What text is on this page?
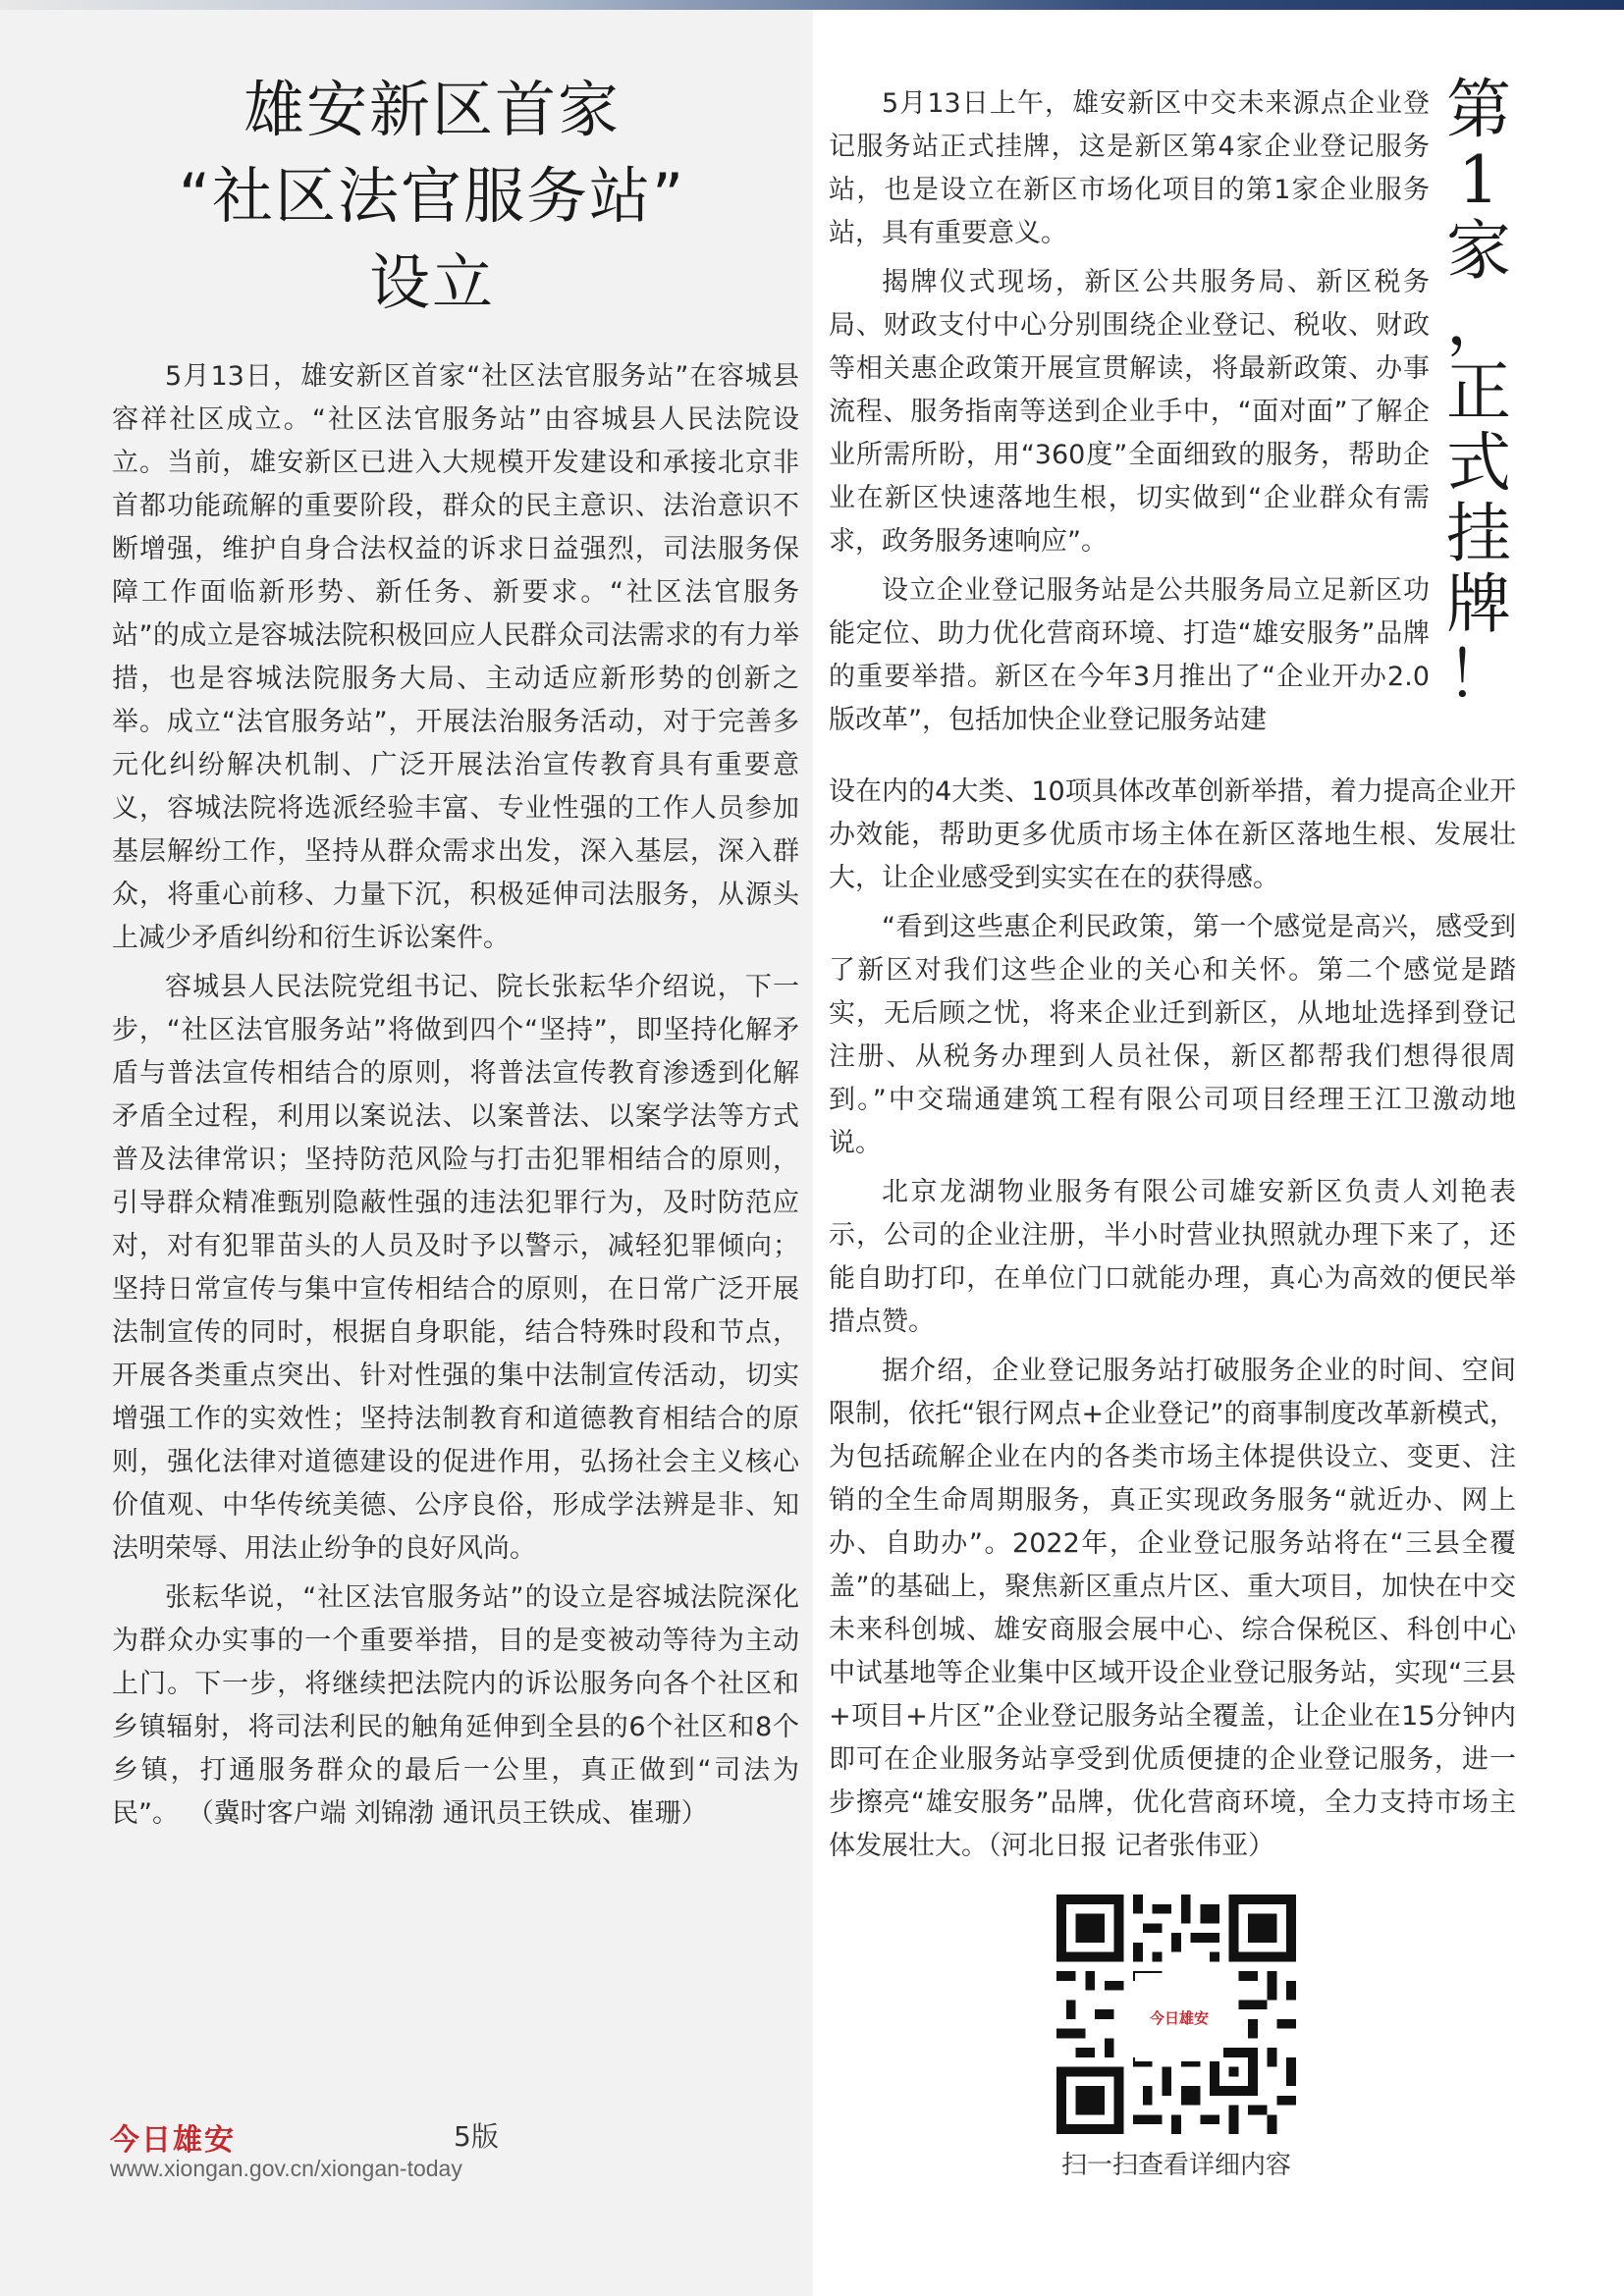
雄安新区首家
“社区法官服务站”
设立

5月13日，雄安新区首家“社区法官服务站”在容城县容祥社区成立。“社区法官服务站”由容城县人民法院设立。当前，雄安新区已进入大规模开发建设和承接北京非首都功能疏解的重要阶段，群众的民主意识、法治意识不断增强，维护自身合法权益的诉求日益强烈，司法服务保障工作面临新形势、新任务、新要求。“社区法官服务站”的成立是容城法院积极回应人民群众司法需求的有力举措，也是容城法院服务大局、主动适应新形势的创新之举。成立“法官服务站”，开展法治服务活动，对于完善多元化纠纷解决机制、广泛开展法治宣传教育具有重要意义，容城法院将选派经验丰富、专业性强的工作人员参加基层解纷工作，坚持从群众需求出发，深入基层，深入群众，将重心前移、力量下沉，积极延伸司法服务，从源头上减少矛盾纠纷和衍生诉讼案件。

容城县人民法院党组书记、院长张耘华介绍说，下一步，“社区法官服务站”将做到四个“坚持”，即坚持化解矛盾与普法宣传相结合的原则，将普法宣传教育渗透到化解矛盾全过程，利用以案说法、以案普法、以案学法等方式普及法律常识；坚持防范风险与打击犯罪相结合的原则，引导群众精准甄别隐蔽性强的违法犯罪行为，及时防范应对，对有犯罪苗头的人员及时予以警示，减轻犯罪倾向；坚持日常宣传与集中宣传相结合的原则，在日常广泛开展法制宣传的同时，根据自身职能，结合特殊时段和节点，开展各类重点突出、针对性强的集中法制宣传活动，切实增强工作的实效性；坚持法制教育和道德教育相结合的原则，强化法律对道德建设的促进作用，弘扬社会主义核心价值观、中华传统美德、公序良俗，形成学法辨是非、知法明荣辱、用法止纷争的良好风尚。

张耘华说，“社区法官服务站”的设立是容城法院深化为群众办实事的一个重要举措，目的是变被动等待为主动上门。下一步，将继续把法院内的诉讼服务向各个社区和乡镇辐射，将司法利民的触角延伸到全县的6个社区和8个乡镇，打通服务群众的最后一公里，真正做到“司法为民”。 （冀时客户端 刘锦渤 通讯员王铁成、崔珊）

5月13日上午，雄安新区中交未来源点企业登记服务站正式挂牌，这是新区第4家企业登记服务站，也是设立在新区市场化项目的第1家企业服务站，具有重要意义。

揭牌仪式现场，新区公共服务局、新区税务局、财政支付中心分别围绕企业登记、税收、财政等相关惠企政策开展宣贯解读，将最新政策、办事流程、服务指南等送到企业手中，“面对面”了解企业所需所盼，用“360度”全面细致的服务，帮助企业在新区快速落地生根，切实做到“企业群众有需求，政务服务速响应”。

设立企业登记服务站是公共服务局立足新区功能定位、助力优化营商环境、打造“雄安服务”品牌的重要举措。新区在今年3月推出了“企业开办2.0版改革”，包括加快企业登记服务站建

第
1
家
，
正
式
挂
牌
！

设在内的4大类、10项具体改革创新举措，着力提高企业开办效能，帮助更多优质市场主体在新区落地生根、发展壮大，让企业感受到实实在在的获得感。

“看到这些惠企利民政策，第一个感觉是高兴，感受到了新区对我们这些企业的关心和关怀。第二个感觉是踏实，无后顾之忧，将来企业迁到新区，从地址选择到登记注册、从税务办理到人员社保，新区都帮我们想得很周到。”中交瑞通建筑工程有限公司项目经理王江卫激动地说。

北京龙湖物业服务有限公司雄安新区负责人刘艳表示，公司的企业注册，半小时营业执照就办理下来了，还能自助打印，在单位门口就能办理，真心为高效的便民举措点赞。

据介绍，企业登记服务站打破服务企业的时间、空间限制，依托“银行网点+企业登记”的商事制度改革新模式，为包括疏解企业在内的各类市场主体提供设立、变更、注销的全生命周期服务，真正实现政务服务“就近办、网上办、自助办”。2022年，企业登记服务站将在“三县全覆盖”的基础上，聚焦新区重点片区、重大项目，加快在中交未来科创城、雄安商服会展中心、综合保税区、科创中心中试基地等企业集中区域开设企业登记服务站，实现“三县+项目+片区”企业登记服务站全覆盖，让企业在15分钟内即可在企业服务站享受到优质便捷的企业登记服务，进一步擦亮“雄安服务”品牌，优化营商环境，全力支持市场主体发展壮大。（河北日报 记者张伟亚）

今日雄安	5版
www.xiongan.gov.cn/xiongan-today
今日雄安
扫一扫查看详细内容
